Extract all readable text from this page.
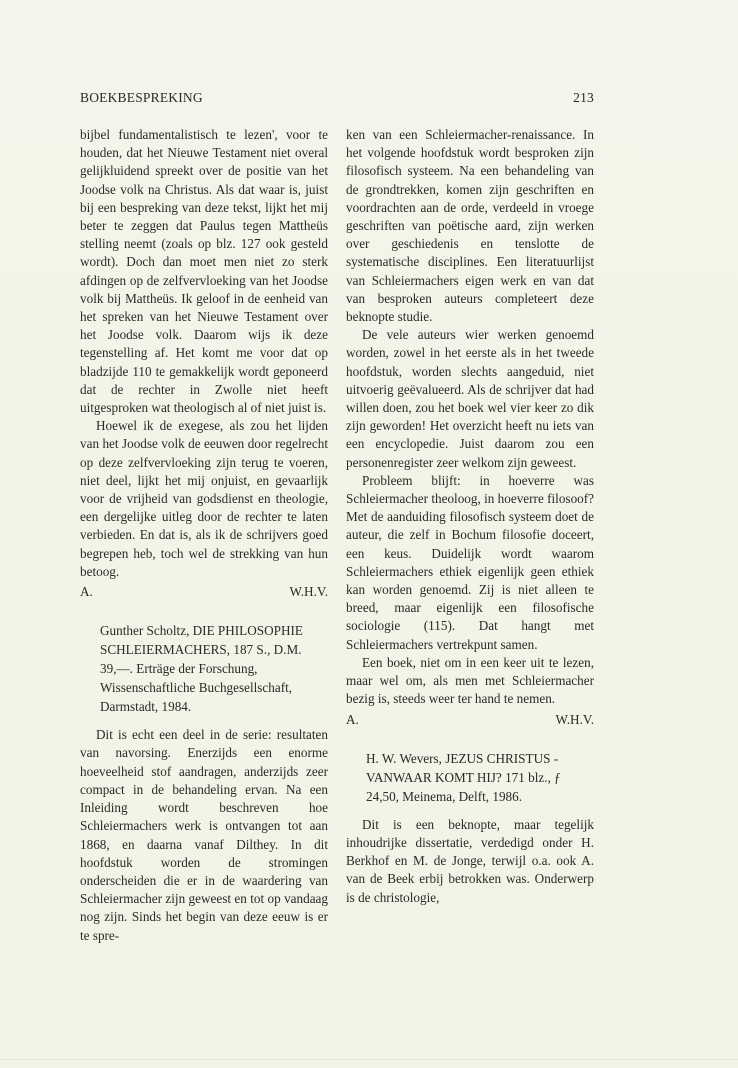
BOEKBESPREKING	213

bijbel fundamentalistisch te lezen', voor te houden, dat het Nieuwe Testament niet overal gelijkluidend spreekt over de positie van het Joodse volk na Christus. Als dat waar is, juist bij een bespreking van deze tekst, lijkt het mij beter te zeggen dat Paulus tegen Mattheüs stelling neemt (zoals op blz. 127 ook gesteld wordt). Doch dan moet men niet zo sterk afdingen op de zelfvervloeking van het Joodse volk bij Mattheüs. Ik geloof in de eenheid van het spreken van het Nieuwe Testament over het Joodse volk. Daarom wijs ik deze tegenstelling af. Het komt me voor dat op bladzijde 110 te gemakkelijk wordt geponeerd dat de rechter in Zwolle niet heeft uitgesproken wat theologisch al of niet juist is.

Hoewel ik de exegese, als zou het lijden van het Joodse volk de eeuwen door regelrecht op deze zelfvervloeking zijn terug te voeren, niet deel, lijkt het mij onjuist, en gevaarlijk voor de vrijheid van godsdienst en theologie, een dergelijke uitleg door de rechter te laten verbieden. En dat is, als ik de schrijvers goed begrepen heb, toch wel de strekking van hun betoog.

A.	W.H.V.

Gunther Scholtz, DIE PHILOSOPHIE SCHLEIERMACHERS, 187 S., D.M. 39,—. Erträge der Forschung, Wissenschaftliche Buchgesellschaft, Darmstadt, 1984.

Dit is echt een deel in de serie: resultaten van navorsing. Enerzijds een enorme hoeveelheid stof aandragen, anderzijds zeer compact in de behandeling ervan. Na een Inleiding wordt beschreven hoe Schleiermachers werk is ontvangen tot aan 1868, en daarna vanaf Dilthey. In dit hoofdstuk worden de stromingen onderscheiden die er in de waardering van Schleiermacher zijn geweest en tot op vandaag nog zijn. Sinds het begin van deze eeuw is er te spre-

ken van een Schleiermacher-renaissance. In het volgende hoofdstuk wordt besproken zijn filosofisch systeem. Na een behandeling van de grondtrekken, komen zijn geschriften en voordrachten aan de orde, verdeeld in vroege geschriften van poëtische aard, zijn werken over geschiedenis en tenslotte de systematische disciplines. Een literatuurlijst van Schleiermachers eigen werk en van dat van besproken auteurs completeert deze beknopte studie.

De vele auteurs wier werken genoemd worden, zowel in het eerste als in het tweede hoofdstuk, worden slechts aangeduid, niet uitvoerig geëvalueerd. Als de schrijver dat had willen doen, zou het boek wel vier keer zo dik zijn geworden! Het overzicht heeft nu iets van een encyclopedie. Juist daarom zou een personenregister zeer welkom zijn geweest.

Probleem blijft: in hoeverre was Schleiermacher theoloog, in hoeverre filosoof? Met de aanduiding filosofisch systeem doet de auteur, die zelf in Bochum filosofie doceert, een keus. Duidelijk wordt waarom Schleiermachers ethiek eigenlijk geen ethiek kan worden genoemd. Zij is niet alleen te breed, maar eigenlijk een filosofische sociologie (115). Dat hangt met Schleiermachers vertrekpunt samen.

Een boek, niet om in een keer uit te lezen, maar wel om, als men met Schleiermacher bezig is, steeds weer ter hand te nemen.

A.	W.H.V.

H. W. Wevers, JEZUS CHRISTUS - VANWAAR KOMT HIJ? 171 blz., ƒ 24,50, Meinema, Delft, 1986.

Dit is een beknopte, maar tegelijk inhoudrijke dissertatie, verdedigd onder H. Berkhof en M. de Jonge, terwijl o.a. ook A. van de Beek erbij betrokken was. Onderwerp is de christologie,
